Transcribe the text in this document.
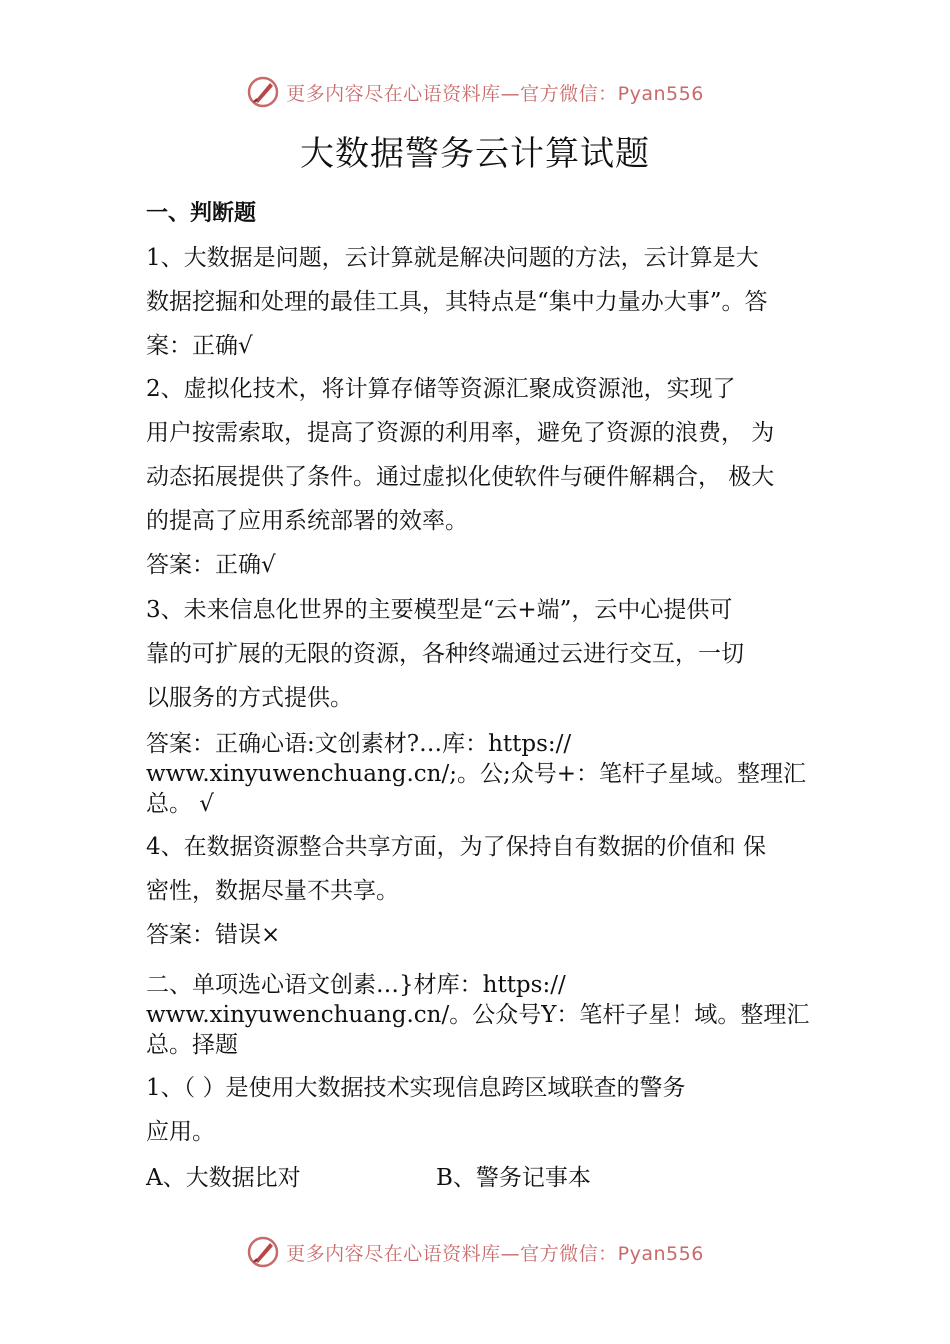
更多内容尽在心语资料库—官方微信：Pyan556
大数据警务云计算试题
一、判断题
1、大数据是问题，云计算就是解决问题的方法，云计算是大
数据挖掘和处理的最佳工具，其特点是“集中力量办大事”。答
案：正确√
2、虚拟化技术，将计算存储等资源汇聚成资源池，实现了
用户按需索取，提高了资源的利用率，避免了资源的浪费， 为
动态拓展提供了条件。通过虚拟化使软件与硬件解耦合， 极大
的提高了应用系统部署的效率。
答案：正确√
3、未来信息化世界的主要模型是“云+端”，云中心提供可
靠的可扩展的无限的资源，各种终端通过云进行交互，一切
以服务的方式提供。
答案：正确心语:文创素材?…库：https://
www.xinyuwenchuang.cn/;。公;众号+：笔杆子星域。整理汇
总。 √
4、在数据资源整合共享方面，为了保持自有数据的价值和 保
密性，数据尽量不共享。
答案：错误×
二、单项选心语文创素…}材库：https://
www.xinyuwenchuang.cn/。公众号Y：笔杆子星！域。整理汇
总。择题
1、（ ）是使用大数据技术实现信息跨区域联查的警务
应用。
A、大数据比对	B、警务记事本
更多内容尽在心语资料库—官方微信：Pyan556
